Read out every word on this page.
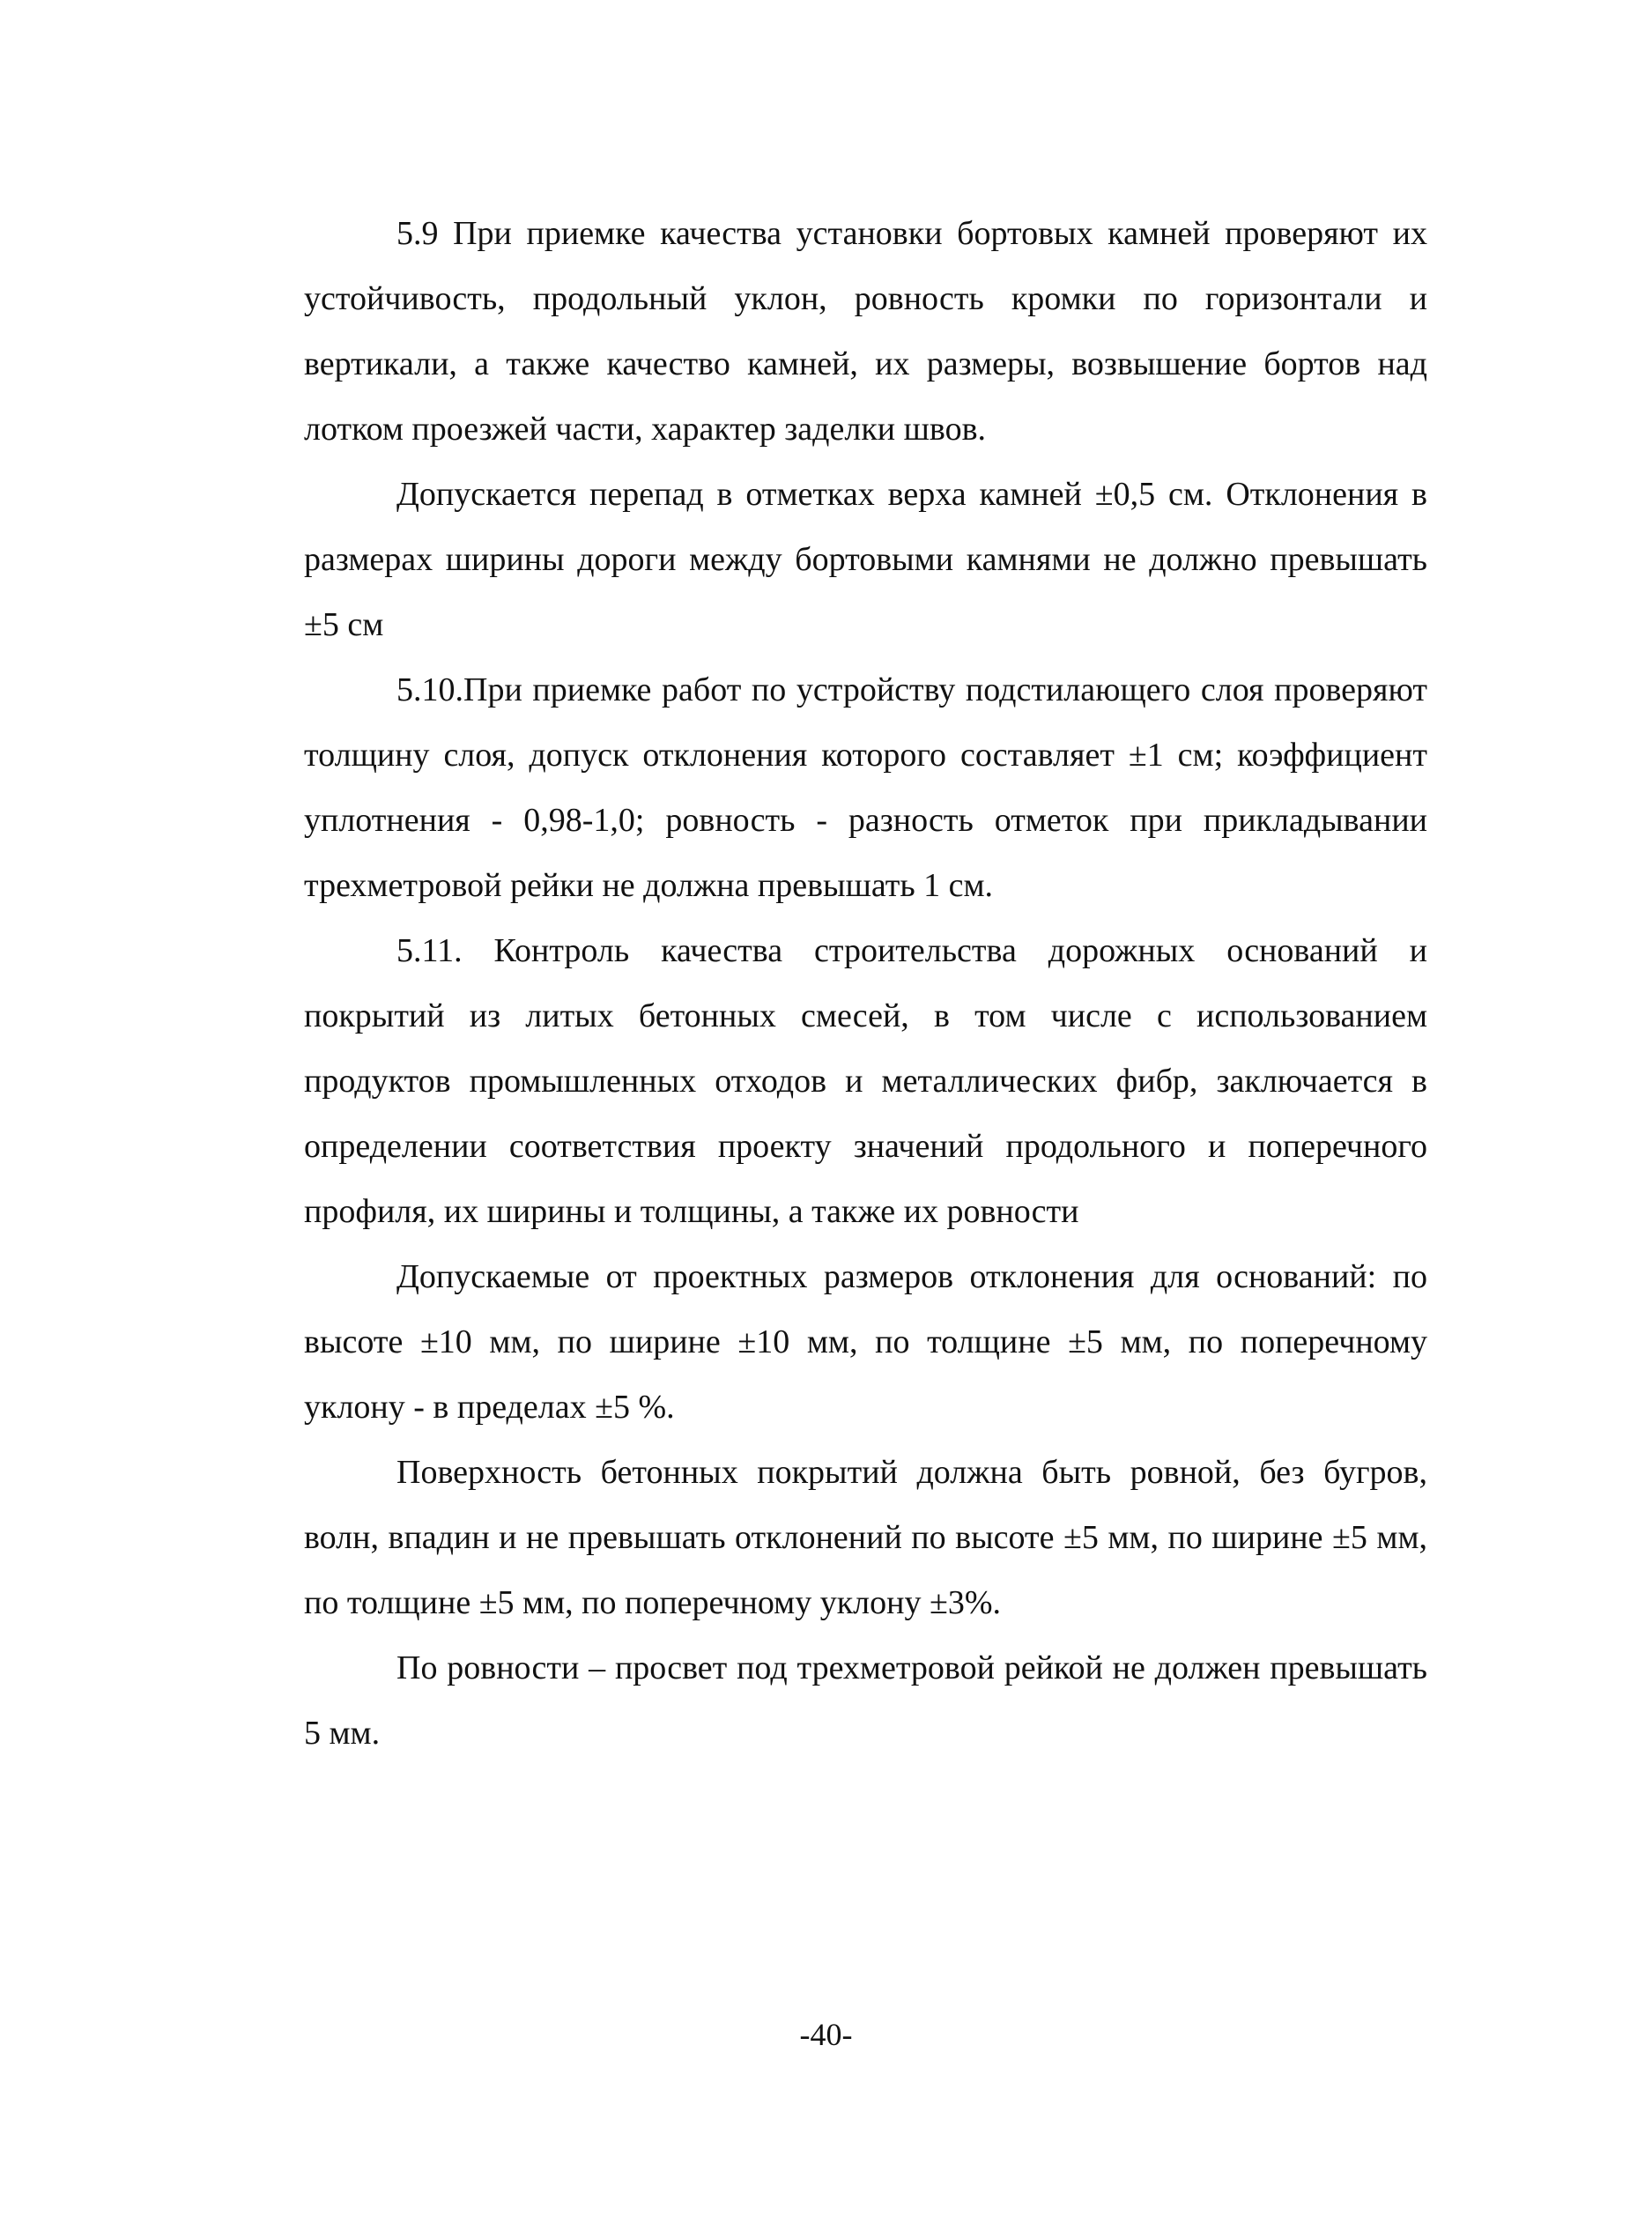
5.9 При приемке качества установки бортовых камней проверяют их устойчивость, продольный уклон, ровность кромки по горизонтали и вертикали, а также качество камней, их размеры, возвышение бортов над лотком проезжей части, характер заделки швов.

Допускается перепад в отметках верха камней ±0,5 см. Отклонения в размерах ширины дороги между бортовыми камнями не должно превышать ±5 см

5.10.При приемке работ по устройству подстилающего слоя проверяют толщину слоя, допуск отклонения которого составляет ±1 см; коэффициент уплотнения - 0,98-1,0; ровность - разность отметок при прикладывании трехметровой рейки не должна превышать 1 см.

5.11. Контроль качества строительства дорожных оснований и покрытий из литых бетонных смесей, в том числе с использованием продуктов промышленных отходов и металлических фибр, заключается в определении соответствия проекту значений продольного и поперечного профиля, их ширины и толщины, а также их ровности

Допускаемые от проектных размеров отклонения для оснований: по высоте ±10 мм, по ширине ±10 мм, по толщине ±5 мм, по поперечному уклону - в пределах ±5 %.

Поверхность бетонных покрытий должна быть ровной, без бугров, волн, впадин и не превышать отклонений по высоте ±5 мм, по ширине ±5 мм, по толщине ±5 мм, по поперечному уклону ±3%.

По ровности – просвет под трехметровой рейкой не должен превышать 5 мм.

-40-
